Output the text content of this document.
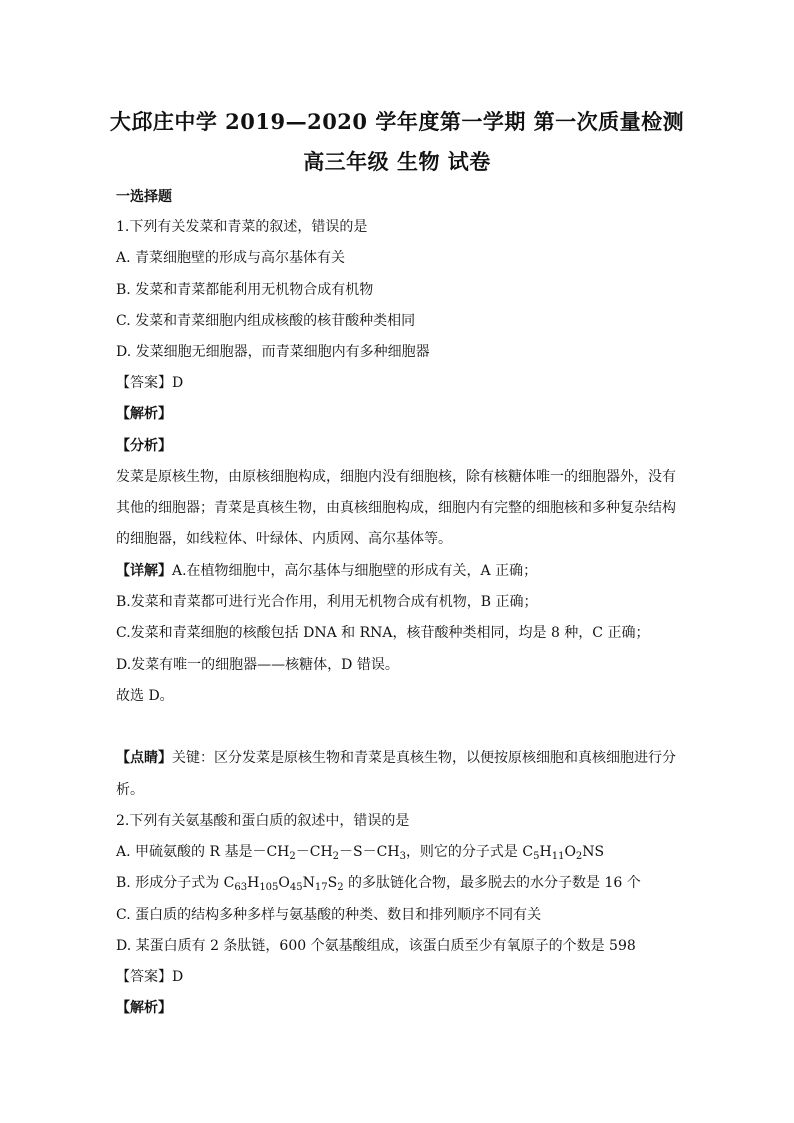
大邱庄中学 2019—2020 学年度第一学期 第一次质量检测
高三年级 生物 试卷
一选择题
1.下列有关发菜和青菜的叙述，错误的是
A. 青菜细胞壁的形成与高尔基体有关
B. 发菜和青菜都能利用无机物合成有机物
C. 发菜和青菜细胞内组成核酸的核苷酸种类相同
D. 发菜细胞无细胞器，而青菜细胞内有多种细胞器
【答案】D
【解析】
【分析】
发菜是原核生物，由原核细胞构成，细胞内没有细胞核，除有核糖体唯一的细胞器外，没有
其他的细胞器；青菜是真核生物，由真核细胞构成，细胞内有完整的细胞核和多种复杂结构
的细胞器，如线粒体、叶绿体、内质网、高尔基体等。
【详解】A.在植物细胞中，高尔基体与细胞壁的形成有关，A 正确；
B.发菜和青菜都可进行光合作用，利用无机物合成有机物，B 正确；
C.发菜和青菜细胞的核酸包括 DNA 和 RNA，核苷酸种类相同，均是 8 种，C 正确；
D.发菜有唯一的细胞器——核糖体，D 错误。
故选 D。
【点睛】关键：区分发菜是原核生物和青菜是真核生物，以便按原核细胞和真核细胞进行分
析。
2.下列有关氨基酸和蛋白质的叙述中，错误的是
A. 甲硫氨酸的 R 基是$-CH_2-CH_2-S-CH_3$，则它的分子式是 $C_5H_{11}O_2NS$
B. 形成分子式为 $C_{63}H_{105}O_{45}N_{17}S_2$ 的多肽链化合物，最多脱去的水分子数是 16 个
C. 蛋白质的结构多种多样与氨基酸的种类、数目和排列顺序不同有关
D. 某蛋白质有 2 条肽链，600 个氨基酸组成，该蛋白质至少有氧原子的个数是 598
【答案】D
【解析】
